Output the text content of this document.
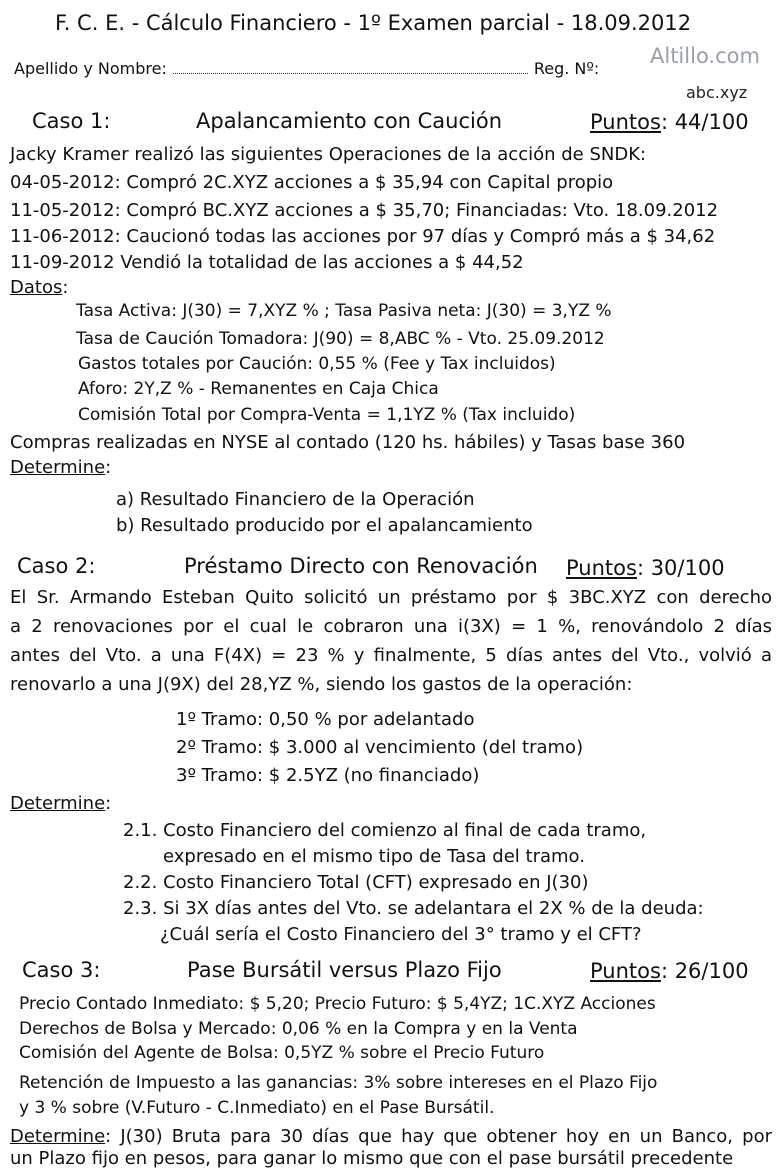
F. C. E. - Cálculo Financiero - 1º Examen parcial - 18.09.2012
Apellido y Nombre:	Reg. Nº:
Altillo.com
abc.xyz
Caso 1:	Apalancamiento con Caución	Puntos: 44/100
Jacky Kramer realizó las siguientes Operaciones de la acción de SNDK:
04-05-2012: Compró 2C.XYZ acciones a $ 35,94 con Capital propio
11-05-2012: Compró BC.XYZ acciones a $ 35,70; Financiadas: Vto. 18.09.2012
11-06-2012: Caucionó todas las acciones por 97 días y Compró más a $ 34,62
11-09-2012 Vendió la totalidad de las acciones a $ 44,52
Datos:
Tasa Activa: J(30) = 7,XYZ % ; Tasa Pasiva neta: J(30) = 3,YZ %
Tasa de Caución Tomadora: J(90) = 8,ABC % - Vto. 25.09.2012
Gastos totales por Caución: 0,55 % (Fee y Tax incluidos)
Aforo: 2Y,Z % - Remanentes en Caja Chica
Comisión Total por Compra-Venta = 1,1YZ % (Tax incluido)
Compras realizadas en NYSE al contado (120 hs. hábiles) y Tasas base 360
Determine:
a) Resultado Financiero de la Operación
b) Resultado producido por el apalancamiento
Caso 2:	Préstamo Directo con Renovación Puntos: 30/100
El Sr. Armando Esteban Quito solicitó un préstamo por $ 3BC.XYZ con derecho
a 2 renovaciones por el cual le cobraron una i(3X) = 1 %, renovándolo 2 días
antes del Vto. a una F(4X) = 23 % y finalmente, 5 días antes del Vto., volvió a
renovarlo a una J(9X) del 28,YZ %, siendo los gastos de la operación:
1º Tramo: 0,50 % por adelantado
2º Tramo: $ 3.000 al vencimiento (del tramo)
3º Tramo: $ 2.5YZ (no financiado)
Determine:
2.1. Costo Financiero del comienzo al final de cada tramo,
expresado en el mismo tipo de Tasa del tramo.
2.2. Costo Financiero Total (CFT) expresado en J(30)
2.3. Si 3X días antes del Vto. se adelantara el 2X % de la deuda:
¿Cuál sería el Costo Financiero del 3° tramo y el CFT?
Caso 3:	Pase Bursátil versus Plazo Fijo	Puntos: 26/100
Precio Contado Inmediato: $ 5,20; Precio Futuro: $ 5,4YZ; 1C.XYZ Acciones
Derechos de Bolsa y Mercado: 0,06 % en la Compra y en la Venta
Comisión del Agente de Bolsa: 0,5YZ % sobre el Precio Futuro
Retención de Impuesto a las ganancias: 3% sobre intereses en el Plazo Fijo
y 3 % sobre (V.Futuro - C.Inmediato) en el Pase Bursátil.
Determine: J(30) Bruta para 30 días que hay que obtener hoy en un Banco, por
un Plazo fijo en pesos, para ganar lo mismo que con el pase bursátil precedente
